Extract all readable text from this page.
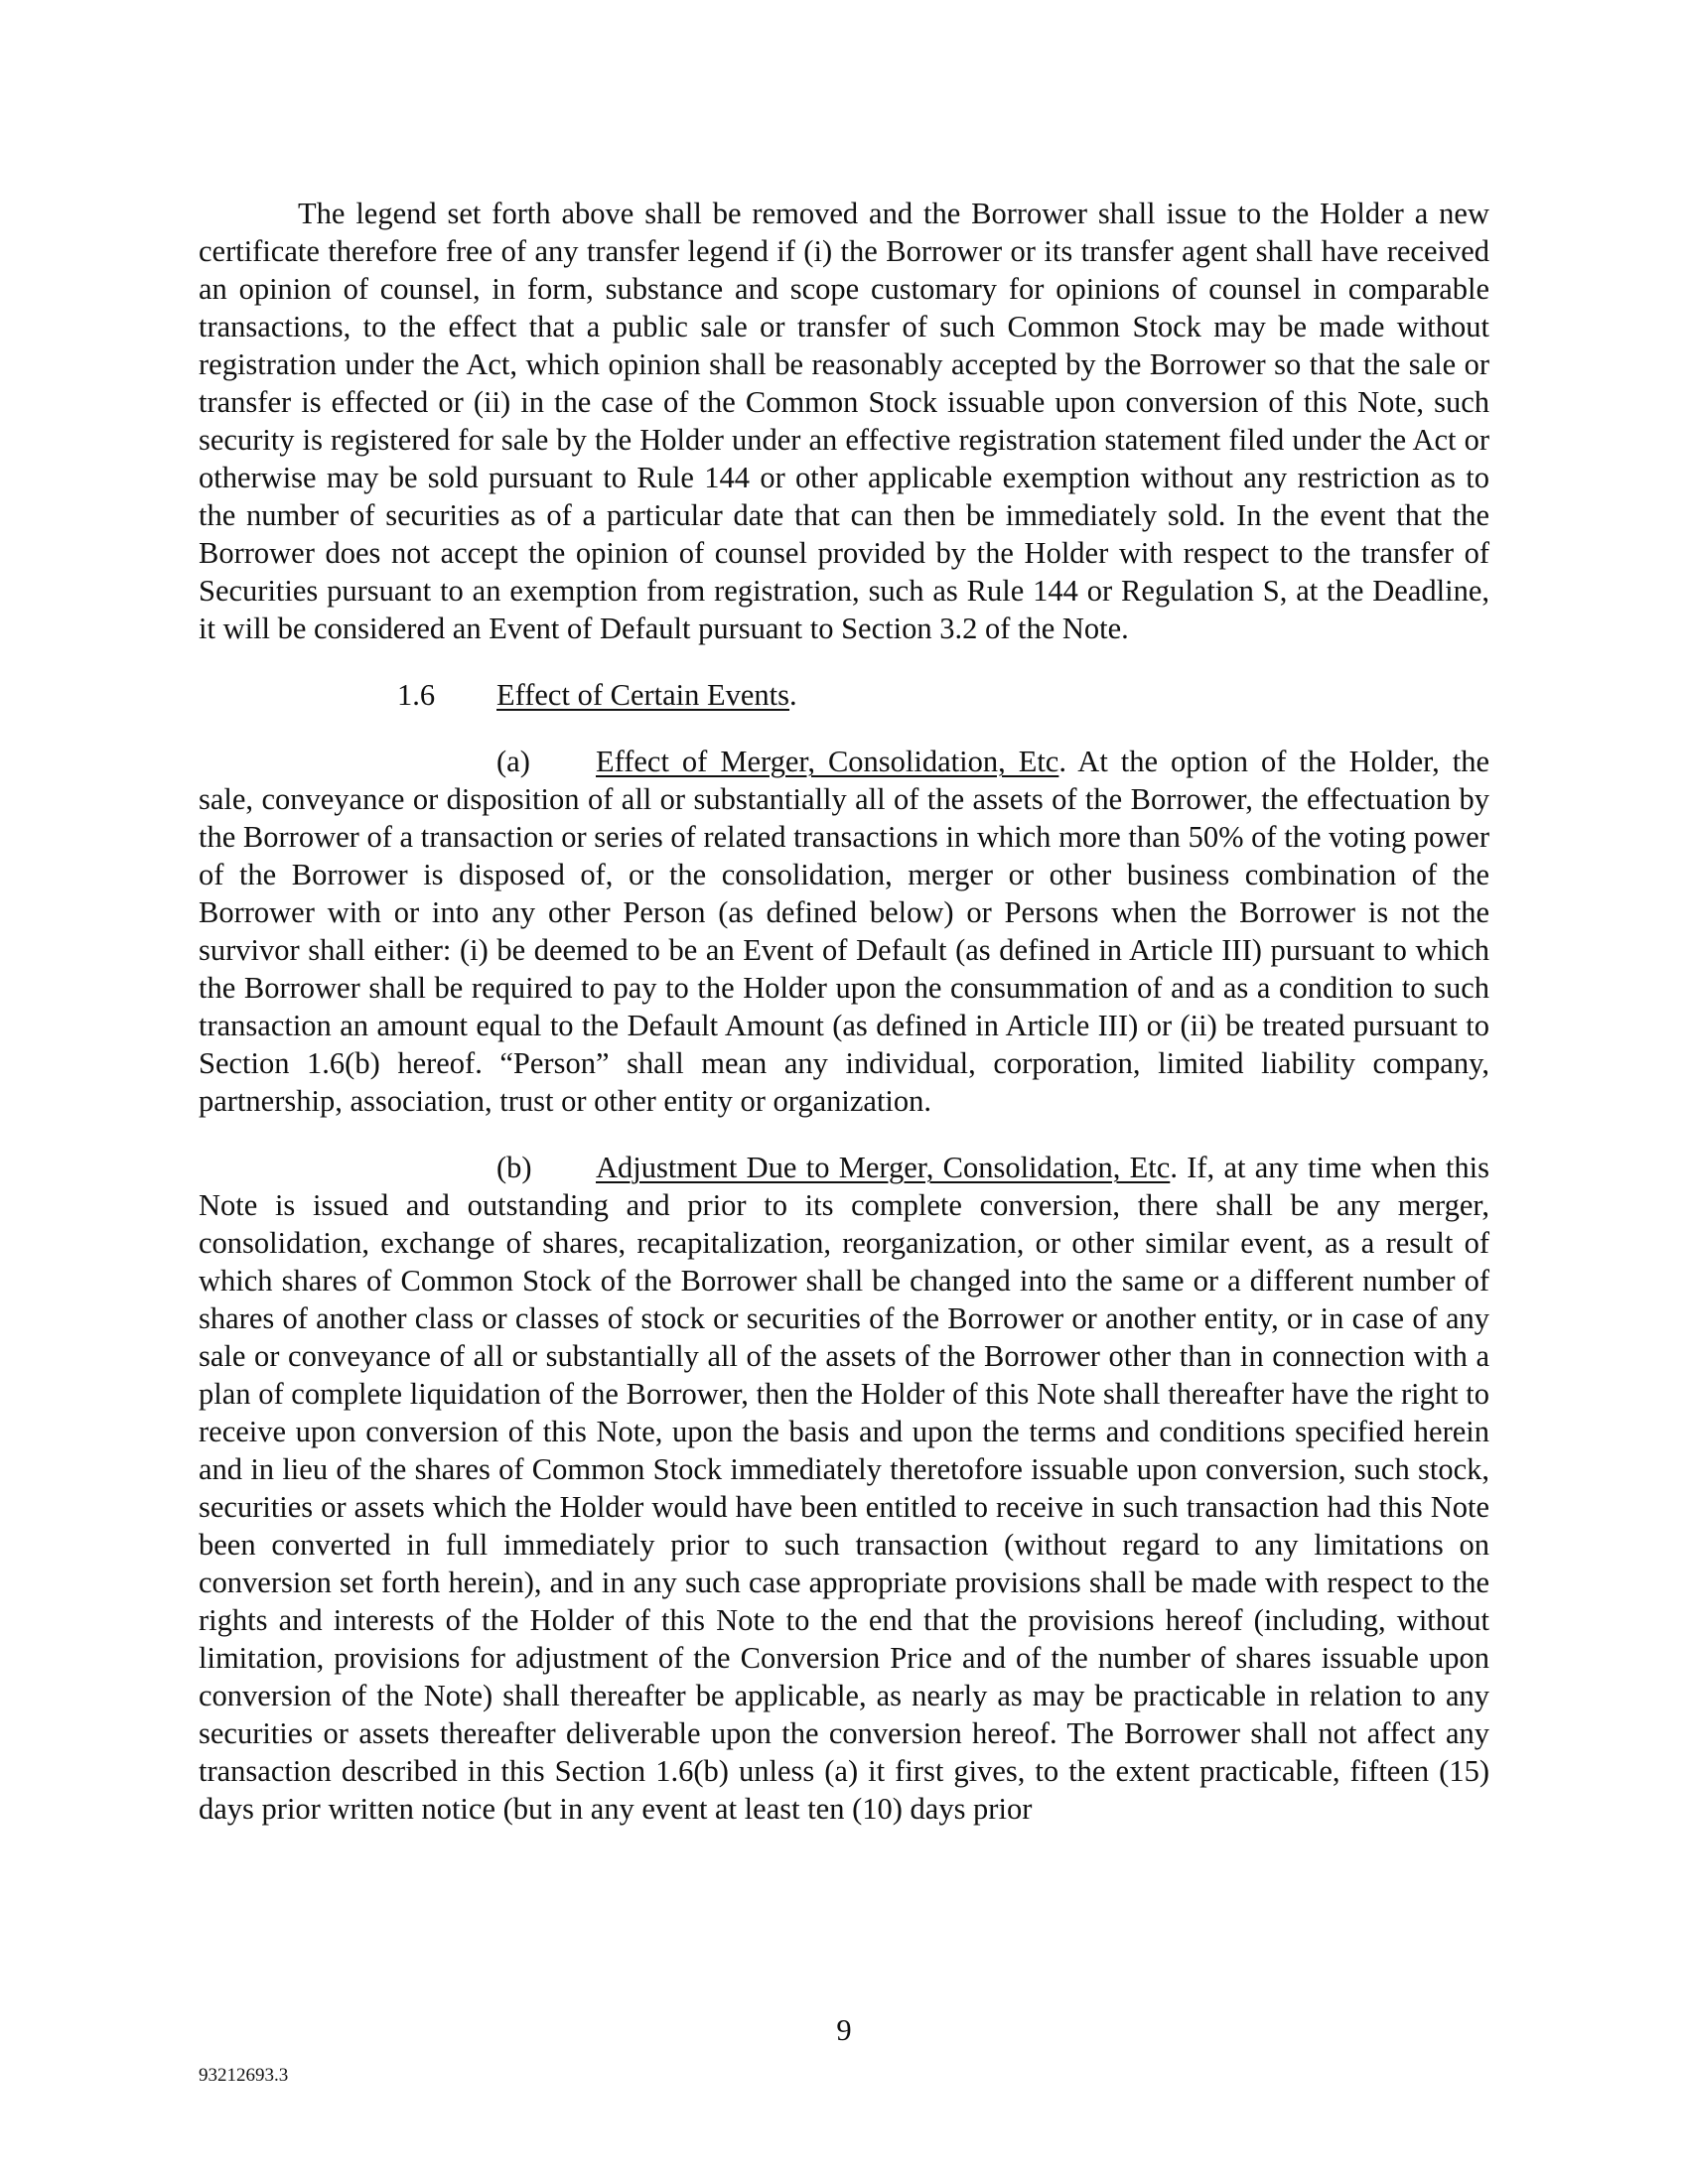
The legend set forth above shall be removed and the Borrower shall issue to the Holder a new certificate therefore free of any transfer legend if (i) the Borrower or its transfer agent shall have received an opinion of counsel, in form, substance and scope customary for opinions of counsel in comparable transactions, to the effect that a public sale or transfer of such Common Stock may be made without registration under the Act, which opinion shall be reasonably accepted by the Borrower so that the sale or transfer is effected or (ii) in the case of the Common Stock issuable upon conversion of this Note, such security is registered for sale by the Holder under an effective registration statement filed under the Act or otherwise may be sold pursuant to Rule 144 or other applicable exemption without any restriction as to the number of securities as of a particular date that can then be immediately sold. In the event that the Borrower does not accept the opinion of counsel provided by the Holder with respect to the transfer of Securities pursuant to an exemption from registration, such as Rule 144 or Regulation S, at the Deadline, it will be considered an Event of Default pursuant to Section 3.2 of the Note.

1.6 Effect of Certain Events.

(a) Effect of Merger, Consolidation, Etc. At the option of the Holder, the sale, conveyance or disposition of all or substantially all of the assets of the Borrower, the effectuation by the Borrower of a transaction or series of related transactions in which more than 50% of the voting power of the Borrower is disposed of, or the consolidation, merger or other business combination of the Borrower with or into any other Person (as defined below) or Persons when the Borrower is not the survivor shall either: (i) be deemed to be an Event of Default (as defined in Article III) pursuant to which the Borrower shall be required to pay to the Holder upon the consummation of and as a condition to such transaction an amount equal to the Default Amount (as defined in Article III) or (ii) be treated pursuant to Section 1.6(b) hereof. “Person” shall mean any individual, corporation, limited liability company, partnership, association, trust or other entity or organization.

(b) Adjustment Due to Merger, Consolidation, Etc. If, at any time when this Note is issued and outstanding and prior to its complete conversion, there shall be any merger, consolidation, exchange of shares, recapitalization, reorganization, or other similar event, as a result of which shares of Common Stock of the Borrower shall be changed into the same or a different number of shares of another class or classes of stock or securities of the Borrower or another entity, or in case of any sale or conveyance of all or substantially all of the assets of the Borrower other than in connection with a plan of complete liquidation of the Borrower, then the Holder of this Note shall thereafter have the right to receive upon conversion of this Note, upon the basis and upon the terms and conditions specified herein and in lieu of the shares of Common Stock immediately theretofore issuable upon conversion, such stock, securities or assets which the Holder would have been entitled to receive in such transaction had this Note been converted in full immediately prior to such transaction (without regard to any limitations on conversion set forth herein), and in any such case appropriate provisions shall be made with respect to the rights and interests of the Holder of this Note to the end that the provisions hereof (including, without limitation, provisions for adjustment of the Conversion Price and of the number of shares issuable upon conversion of the Note) shall thereafter be applicable, as nearly as may be practicable in relation to any securities or assets thereafter deliverable upon the conversion hereof. The Borrower shall not affect any transaction described in this Section 1.6(b) unless (a) it first gives, to the extent practicable, fifteen (15) days prior written notice (but in any event at least ten (10) days prior

9
93212693.3
